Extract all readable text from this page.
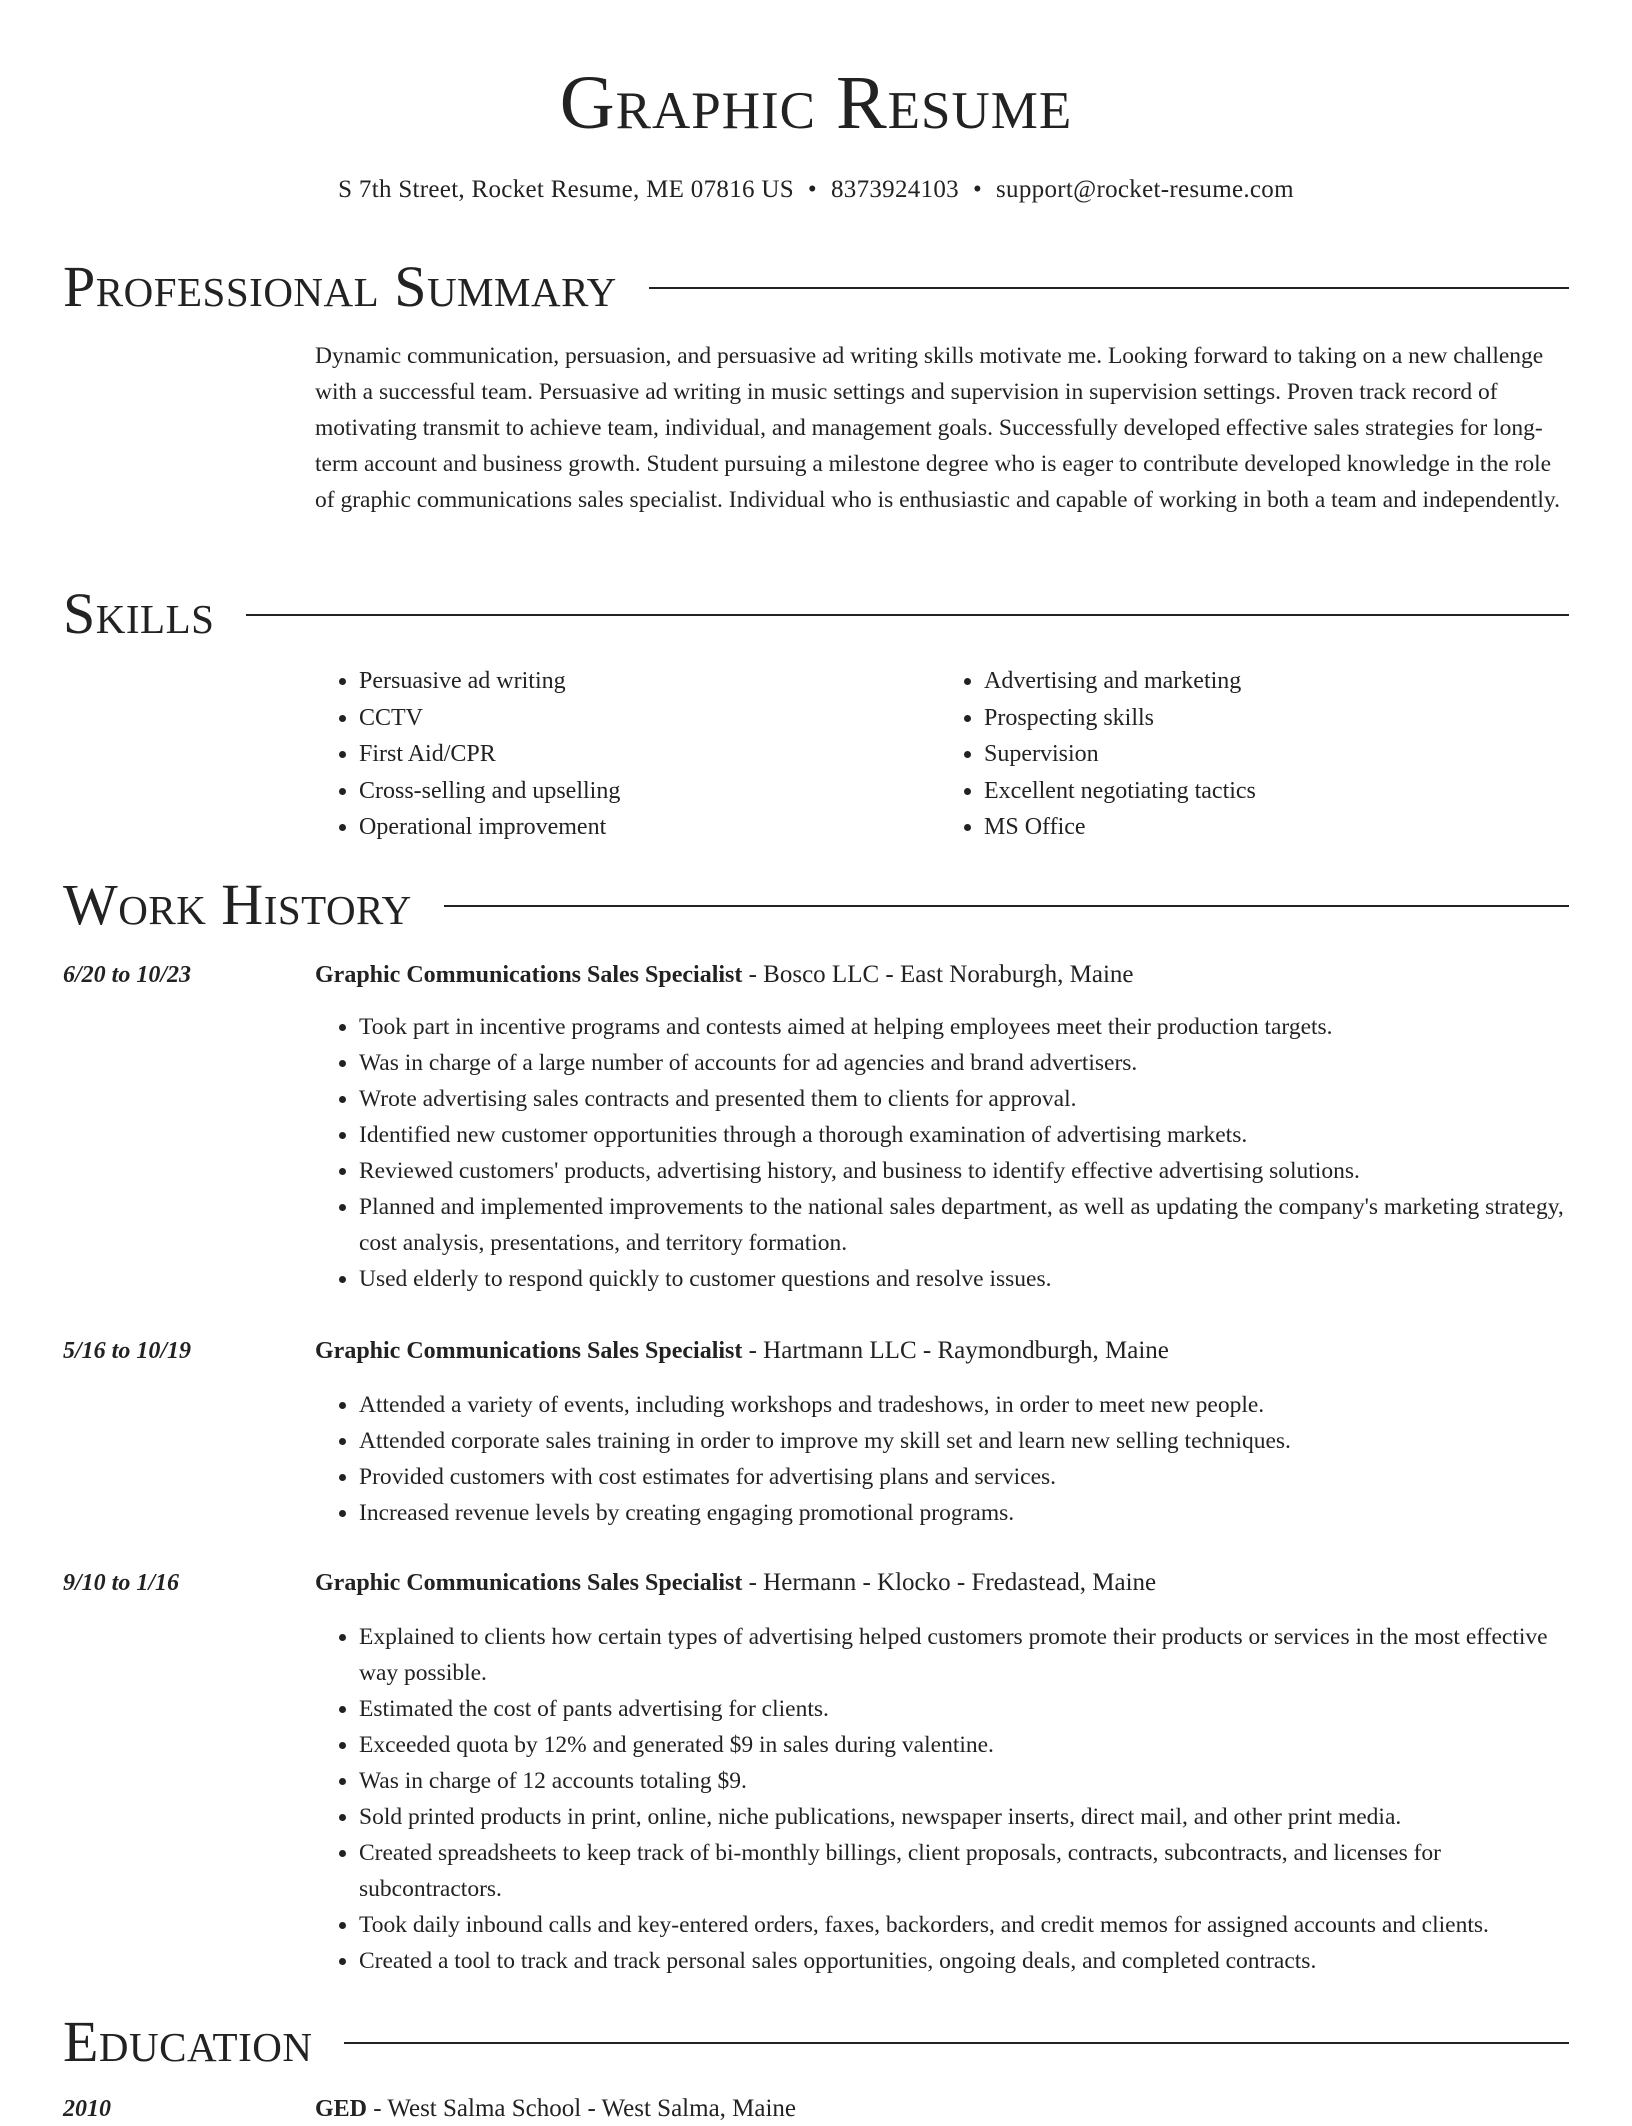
Graphic Resume
S 7th Street, Rocket Resume, ME 07816 US • 8373924103 • support@rocket-resume.com
Professional Summary

Dynamic communication, persuasion, and persuasive ad writing skills motivate me. Looking forward to taking on a new challenge with a successful team. Persuasive ad writing in music settings and supervision in supervision settings. Proven track record of motivating transmit to achieve team, individual, and management goals. Successfully developed effective sales strategies for long-term account and business growth. Student pursuing a milestone degree who is eager to contribute developed knowledge in the role of graphic communications sales specialist. Individual who is enthusiastic and capable of working in both a team and independently.

Skills
• Persuasive ad writing
• CCTV
• First Aid/CPR
• Cross-selling and upselling
• Operational improvement
• Advertising and marketing
• Prospecting skills
• Supervision
• Excellent negotiating tactics
• MS Office
Work History
6/20 to 10/23	Graphic Communications Sales Specialist - Bosco LLC - East Noraburgh, Maine
• Took part in incentive programs and contests aimed at helping employees meet their production targets.
• Was in charge of a large number of accounts for ad agencies and brand advertisers.
• Wrote advertising sales contracts and presented them to clients for approval.
• Identified new customer opportunities through a thorough examination of advertising markets.
• Reviewed customers' products, advertising history, and business to identify effective advertising solutions.
• Planned and implemented improvements to the national sales department, as well as updating the company's marketing strategy, cost analysis, presentations, and territory formation.
• Used elderly to respond quickly to customer questions and resolve issues.
5/16 to 10/19	Graphic Communications Sales Specialist - Hartmann LLC - Raymondburgh, Maine
• Attended a variety of events, including workshops and tradeshows, in order to meet new people.
• Attended corporate sales training in order to improve my skill set and learn new selling techniques.
• Provided customers with cost estimates for advertising plans and services.
• Increased revenue levels by creating engaging promotional programs.
9/10 to 1/16	Graphic Communications Sales Specialist - Hermann - Klocko - Fredastead, Maine
• Explained to clients how certain types of advertising helped customers promote their products or services in the most effective way possible.
• Estimated the cost of pants advertising for clients.
• Exceeded quota by 12% and generated $9 in sales during valentine.
• Was in charge of 12 accounts totaling $9.
• Sold printed products in print, online, niche publications, newspaper inserts, direct mail, and other print media.
• Created spreadsheets to keep track of bi-monthly billings, client proposals, contracts, subcontracts, and licenses for subcontractors.
• Took daily inbound calls and key-entered orders, faxes, backorders, and credit memos for assigned accounts and clients.
• Created a tool to track and track personal sales opportunities, ongoing deals, and completed contracts.
Education
2010	GED - West Salma School - West Salma, Maine
